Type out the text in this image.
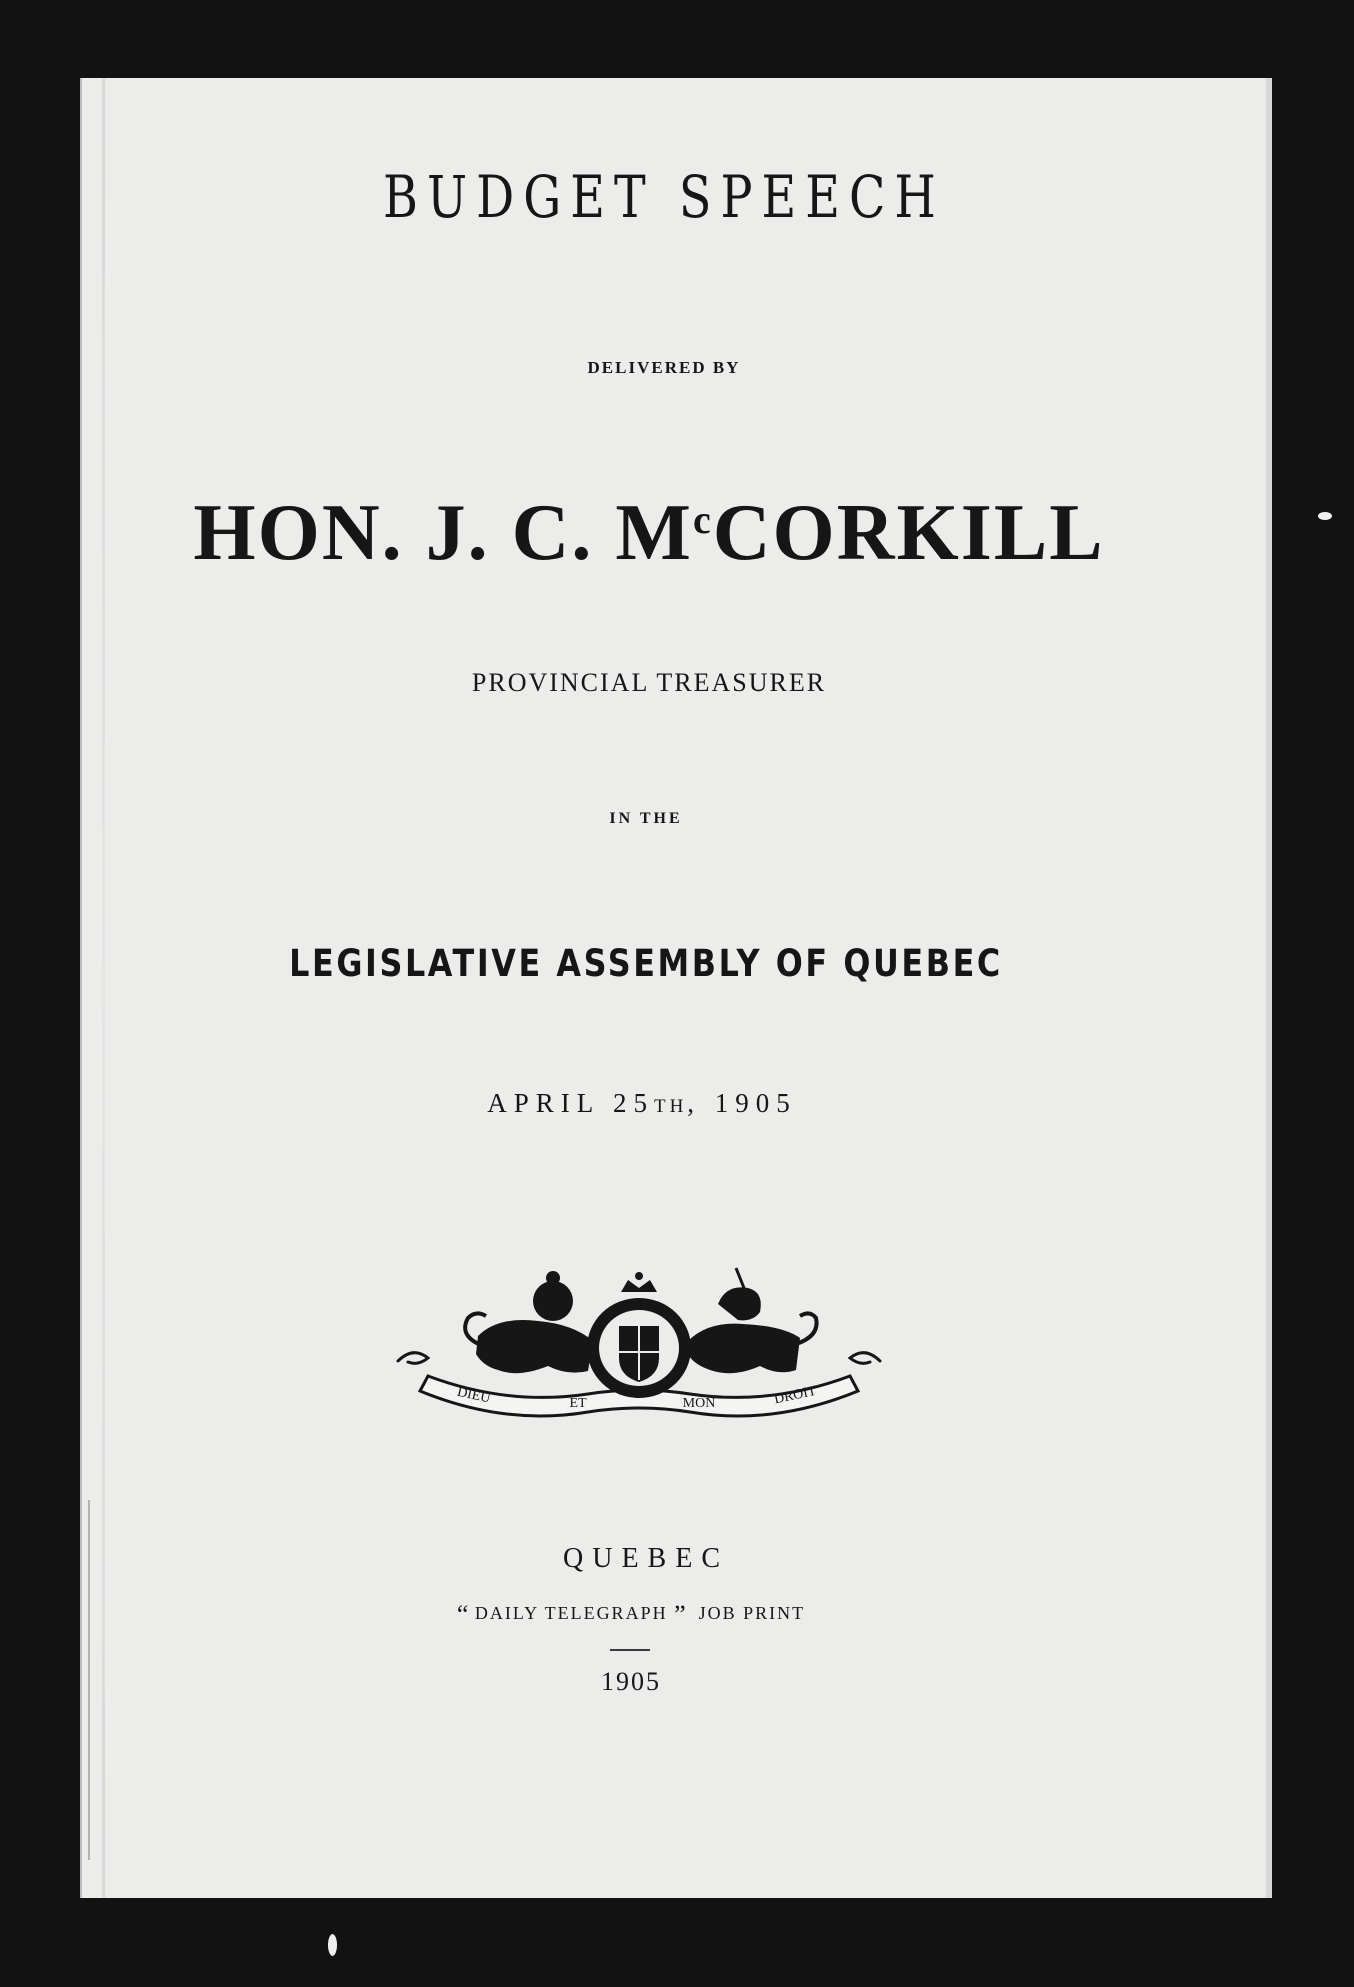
BUDGET SPEECH

DELIVERED BY

HON. J. C. $M^cCORKILL$

PROVINCIAL TREASURER

IN THE

LEGISLATIVE ASSEMBLY OF QUEBEC

APRIL 25TH, 1905

DIEU	ET	MON	DROIT

QUEBEC

“ DAILY TELEGRAPH ” JOB PRINT

1905
